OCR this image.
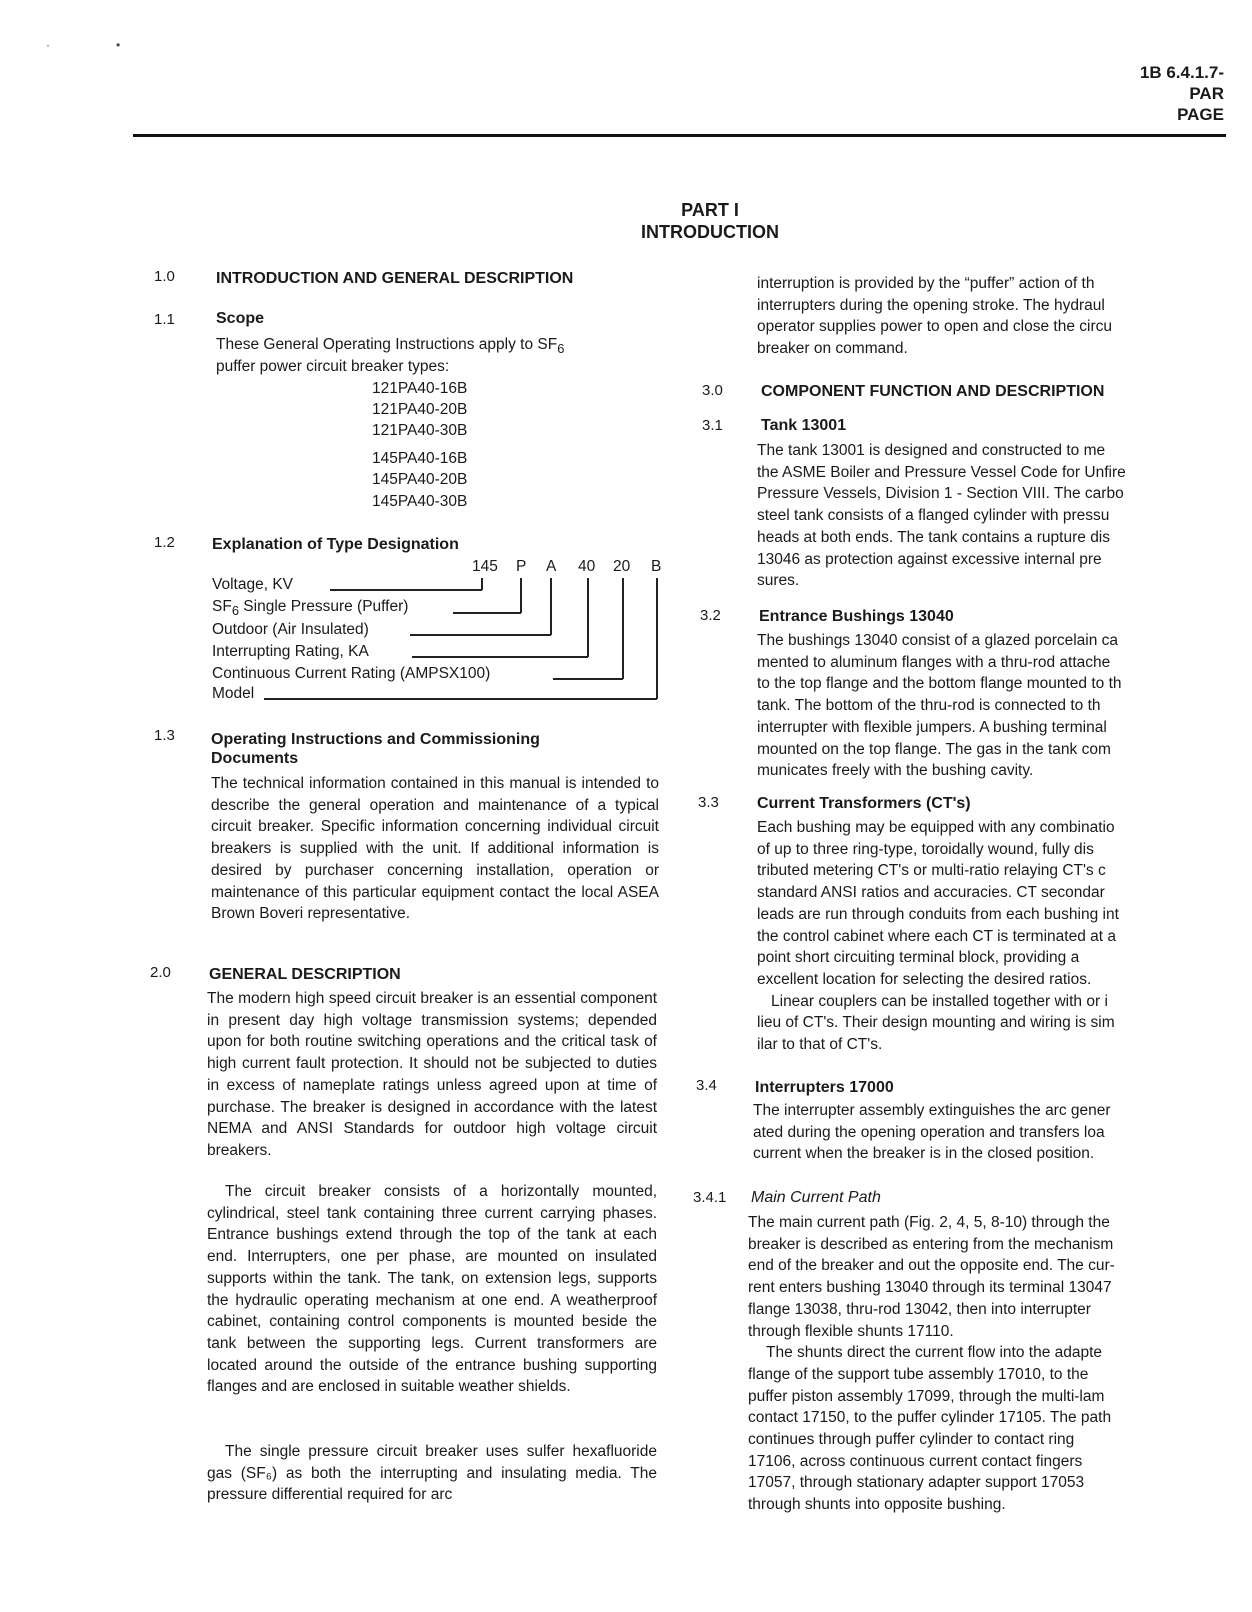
·	•
1B 6.4.1.7-
PAR
PAGE
PART I
INTRODUCTION
1.0	INTRODUCTION AND GENERAL DESCRIPTION
1.1	Scope
These General Operating Instructions apply to $SF_6$
puffer power circuit breaker types:
121PA40-16B
121PA40-20B
121PA40-30B
145PA40-16B
145PA40-20B
145PA40-30B
1.2 Explanation of Type Designation
145 P A 40 20 B
Voltage, KV
$SF_6$ Single Pressure (Puffer)
Outdoor (Air Insulated)
Interrupting Rating, KA
Continuous Current Rating (AMPSX100)
Model
1.3 Operating Instructions and Commissioning
Documents
The technical information contained in this manual is intended to describe the general operation and maintenance of a typical circuit breaker. Specific information concerning individual circuit breakers is supplied with the unit. If additional information is desired by purchaser concerning installation, operation or maintenance of this particular equipment contact the local ASEA Brown Boveri representative.
2.0 GENERAL DESCRIPTION
The modern high speed circuit breaker is an essential component in present day high voltage transmission systems; depended upon for both routine switching operations and the critical task of high current fault protection. It should not be subjected to duties in excess of nameplate ratings unless agreed upon at time of purchase. The breaker is designed in accordance with the latest NEMA and ANSI Standards for outdoor high voltage circuit breakers.
The circuit breaker consists of a horizontally mounted, cylindrical, steel tank containing three current carrying phases. Entrance bushings extend through the top of the tank at each end. Interrupters, one per phase, are mounted on insulated supports within the tank. The tank, on extension legs, supports the hydraulic operating mechanism at one end. A weatherproof cabinet, containing control components is mounted beside the tank between the supporting legs. Current transformers are located around the outside of the entrance bushing supporting flanges and are enclosed in suitable weather shields.
The single pressure circuit breaker uses sulfer hexafluoride gas (SF₆) as both the interrupting and insulating media. The pressure differential required for arc
interruption is provided by the “puffer” action of th
interrupters during the opening stroke. The hydraul
operator supplies power to open and close the circu
breaker on command.
3.0 COMPONENT FUNCTION AND DESCRIPTION
3.1 Tank 13001
The tank 13001 is designed and constructed to me
the ASME Boiler and Pressure Vessel Code for Unfire
Pressure Vessels, Division 1 - Section VIII. The carbo
steel tank consists of a flanged cylinder with pressu
heads at both ends. The tank contains a rupture dis
13046 as protection against excessive internal pre
sures.
3.2 Entrance Bushings 13040
The bushings 13040 consist of a glazed porcelain ca
mented to aluminum flanges with a thru-rod attache
to the top flange and the bottom flange mounted to th
tank. The bottom of the thru-rod is connected to th
interrupter with flexible jumpers. A bushing terminal
mounted on the top flange. The gas in the tank com
municates freely with the bushing cavity.
3.3 Current Transformers (CT's)
Each bushing may be equipped with any combinatio
of up to three ring-type, toroidally wound, fully dis
tributed metering CT's or multi-ratio relaying CT's c
standard ANSI ratios and accuracies. CT secondar
leads are run through conduits from each bushing int
the control cabinet where each CT is terminated at a
point short circuiting terminal block, providing a
excellent location for selecting the desired ratios.
Linear couplers can be installed together with or i
lieu of CT's. Their design mounting and wiring is sim
ilar to that of CT's.
3.4 Interrupters 17000
The interrupter assembly extinguishes the arc gener
ated during the opening operation and transfers loa
current when the breaker is in the closed position.
3.4.1 Main Current Path
The main current path (Fig. 2, 4, 5, 8-10) through the
breaker is described as entering from the mechanism
end of the breaker and out the opposite end. The cur-
rent enters bushing 13040 through its terminal 13047
flange 13038, thru-rod 13042, then into interrupter
through flexible shunts 17110.
The shunts direct the current flow into the adapte
flange of the support tube assembly 17010, to the
puffer piston assembly 17099, through the multi-lam
contact 17150, to the puffer cylinder 17105. The path
continues through puffer cylinder to contact ring
17106, across continuous current contact fingers
17057, through stationary adapter support 17053
through shunts into opposite bushing.
